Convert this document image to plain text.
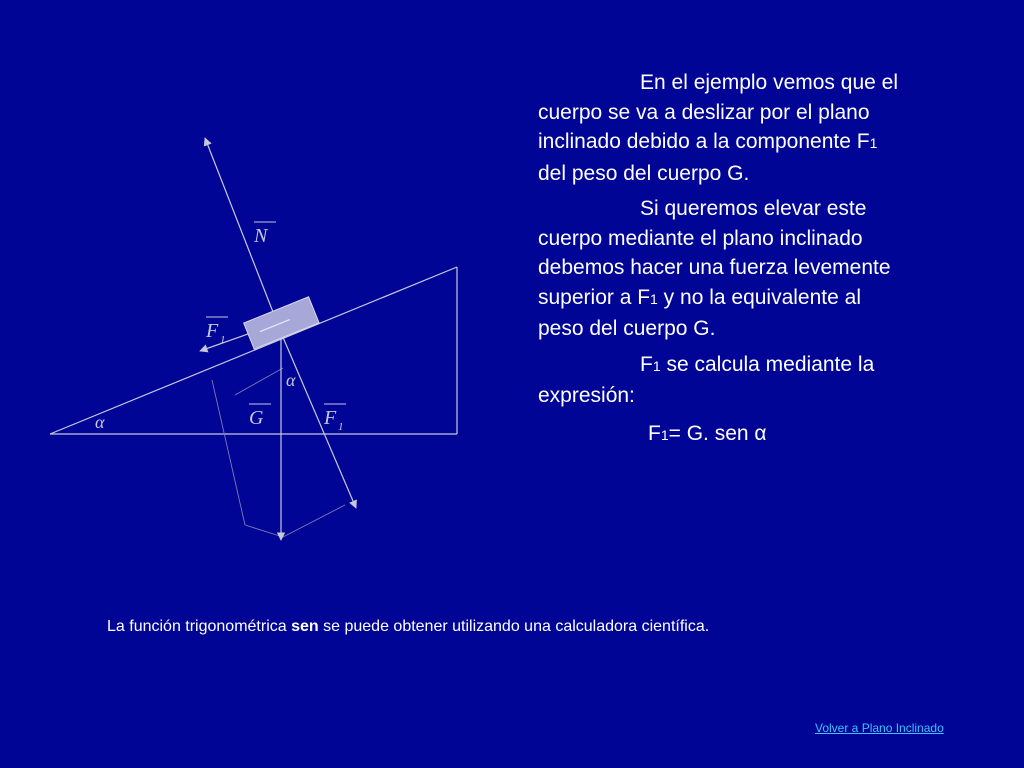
N
F 1
G	F 1
α
α

En el ejemplo vemos que el cuerpo se va a deslizar por el plano inclinado debido a la componente F1 del peso del cuerpo G.

Si queremos elevar este cuerpo mediante el plano inclinado debemos hacer una fuerza levemente superior a F1 y no la equivalente al peso del cuerpo G.

F1 se calcula mediante la expresión:

F1= G. sen α
La función trigonométrica sen se puede obtener utilizando una calculadora científica.
Volver a Plano Inclinado
